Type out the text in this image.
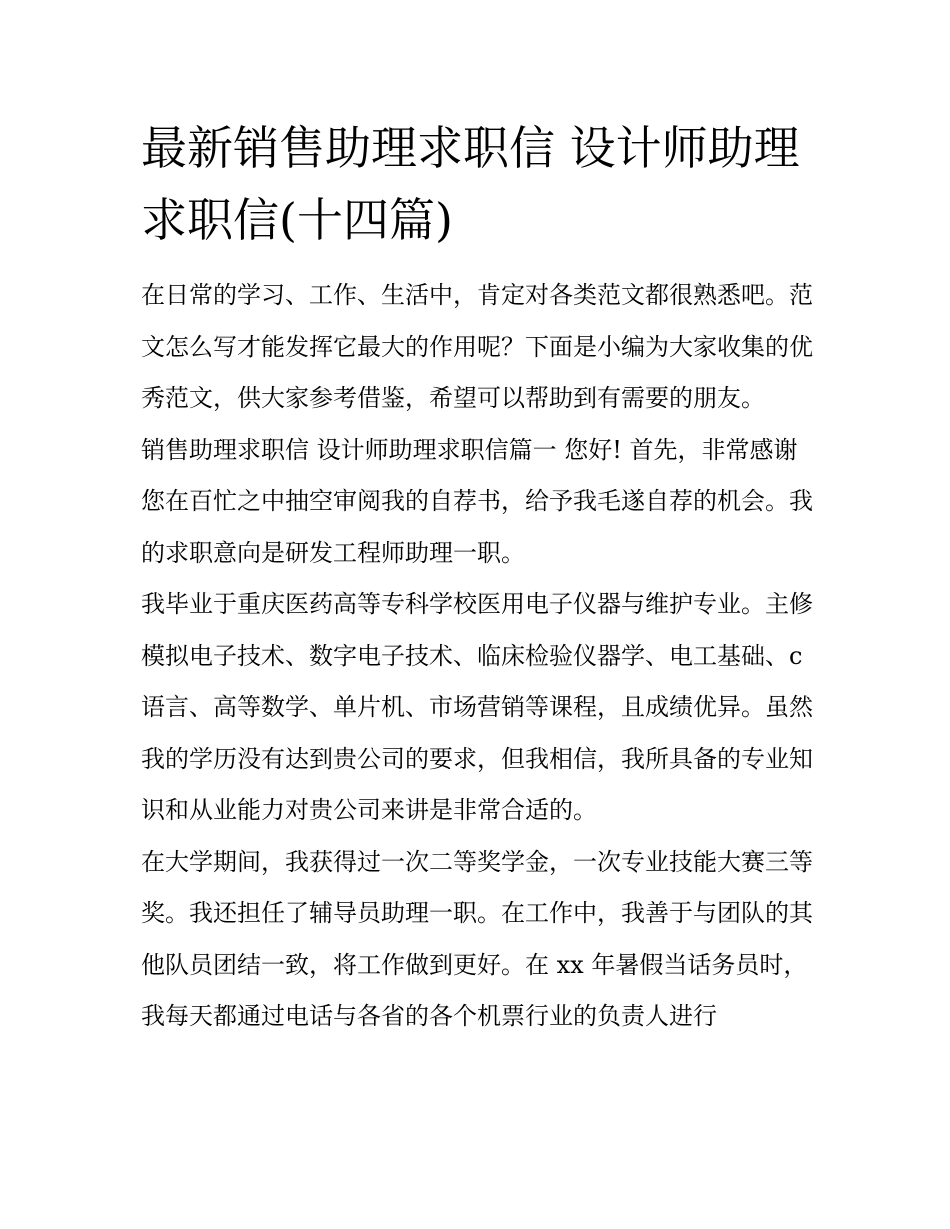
最新销售助理求职信 设计师助理求职信(十四篇)

在日常的学习、工作、生活中，肯定对各类范文都很熟悉吧。范文怎么写才能发挥它最大的作用呢？下面是小编为大家收集的优秀范文，供大家参考借鉴，希望可以帮助到有需要的朋友。

销售助理求职信 设计师助理求职信篇一 您好! 首先，非常感谢您在百忙之中抽空审阅我的自荐书，给予我毛遂自荐的机会。我的求职意向是研发工程师助理一职。

我毕业于重庆医药高等专科学校医用电子仪器与维护专业。主修模拟电子技术、数字电子技术、临床检验仪器学、电工基础、c 语言、高等数学、单片机、市场营销等课程，且成绩优异。虽然我的学历没有达到贵公司的要求，但我相信，我所具备的专业知识和从业能力对贵公司来讲是非常合适的。

在大学期间，我获得过一次二等奖学金，一次专业技能大赛三等奖。我还担任了辅导员助理一职。在工作中，我善于与团队的其他队员团结一致，将工作做到更好。在 xx 年暑假当话务员时，我每天都通过电话与各省的各个机票行业的负责人进行
